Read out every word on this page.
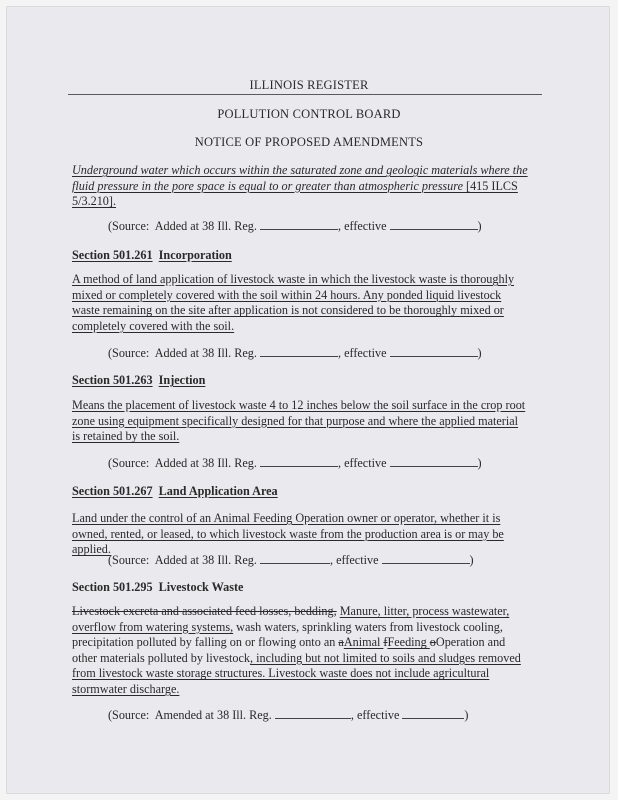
ILLINOIS REGISTER
POLLUTION CONTROL BOARD
NOTICE OF PROPOSED AMENDMENTS
Underground water which occurs within the saturated zone and geologic materials where the fluid pressure in the pore space is equal to or greater than atmospheric pressure [415 ILCS 5/3.210].
(Source:  Added at 38 Ill. Reg.	, effective	)
Section 501.261 Incorporation
A method of land application of livestock waste in which the livestock waste is thoroughly mixed or completely covered with the soil within 24 hours. Any ponded liquid livestock waste remaining on the site after application is not considered to be thoroughly mixed or completely covered with the soil.
(Source:  Added at 38 Ill. Reg.	, effective	)
Section 501.263 Injection
Means the placement of livestock waste 4 to 12 inches below the soil surface in the crop root zone using equipment specifically designed for that purpose and where the applied material is retained by the soil.
(Source:  Added at 38 Ill. Reg.	, effective	)
Section 501.267 Land Application Area
Land under the control of an Animal Feeding Operation owner or operator, whether it is owned, rented, or leased, to which livestock waste from the production area is or may be applied.
(Source:  Added at 38 Ill. Reg.	, effective	)
Section 501.295  Livestock Waste
Livestock excreta and associated feed losses, bedding, Manure, litter, process wastewater, overflow from watering systems, wash waters, sprinkling waters from livestock cooling, precipitation polluted by falling on or flowing onto an aAnimal fFeeding oOperation and other materials polluted by livestock, including but not limited to soils and sludges removed from livestock waste storage structures. Livestock waste does not include agricultural stormwater discharge.
(Source:  Amended at 38 Ill. Reg.	, effective	)
